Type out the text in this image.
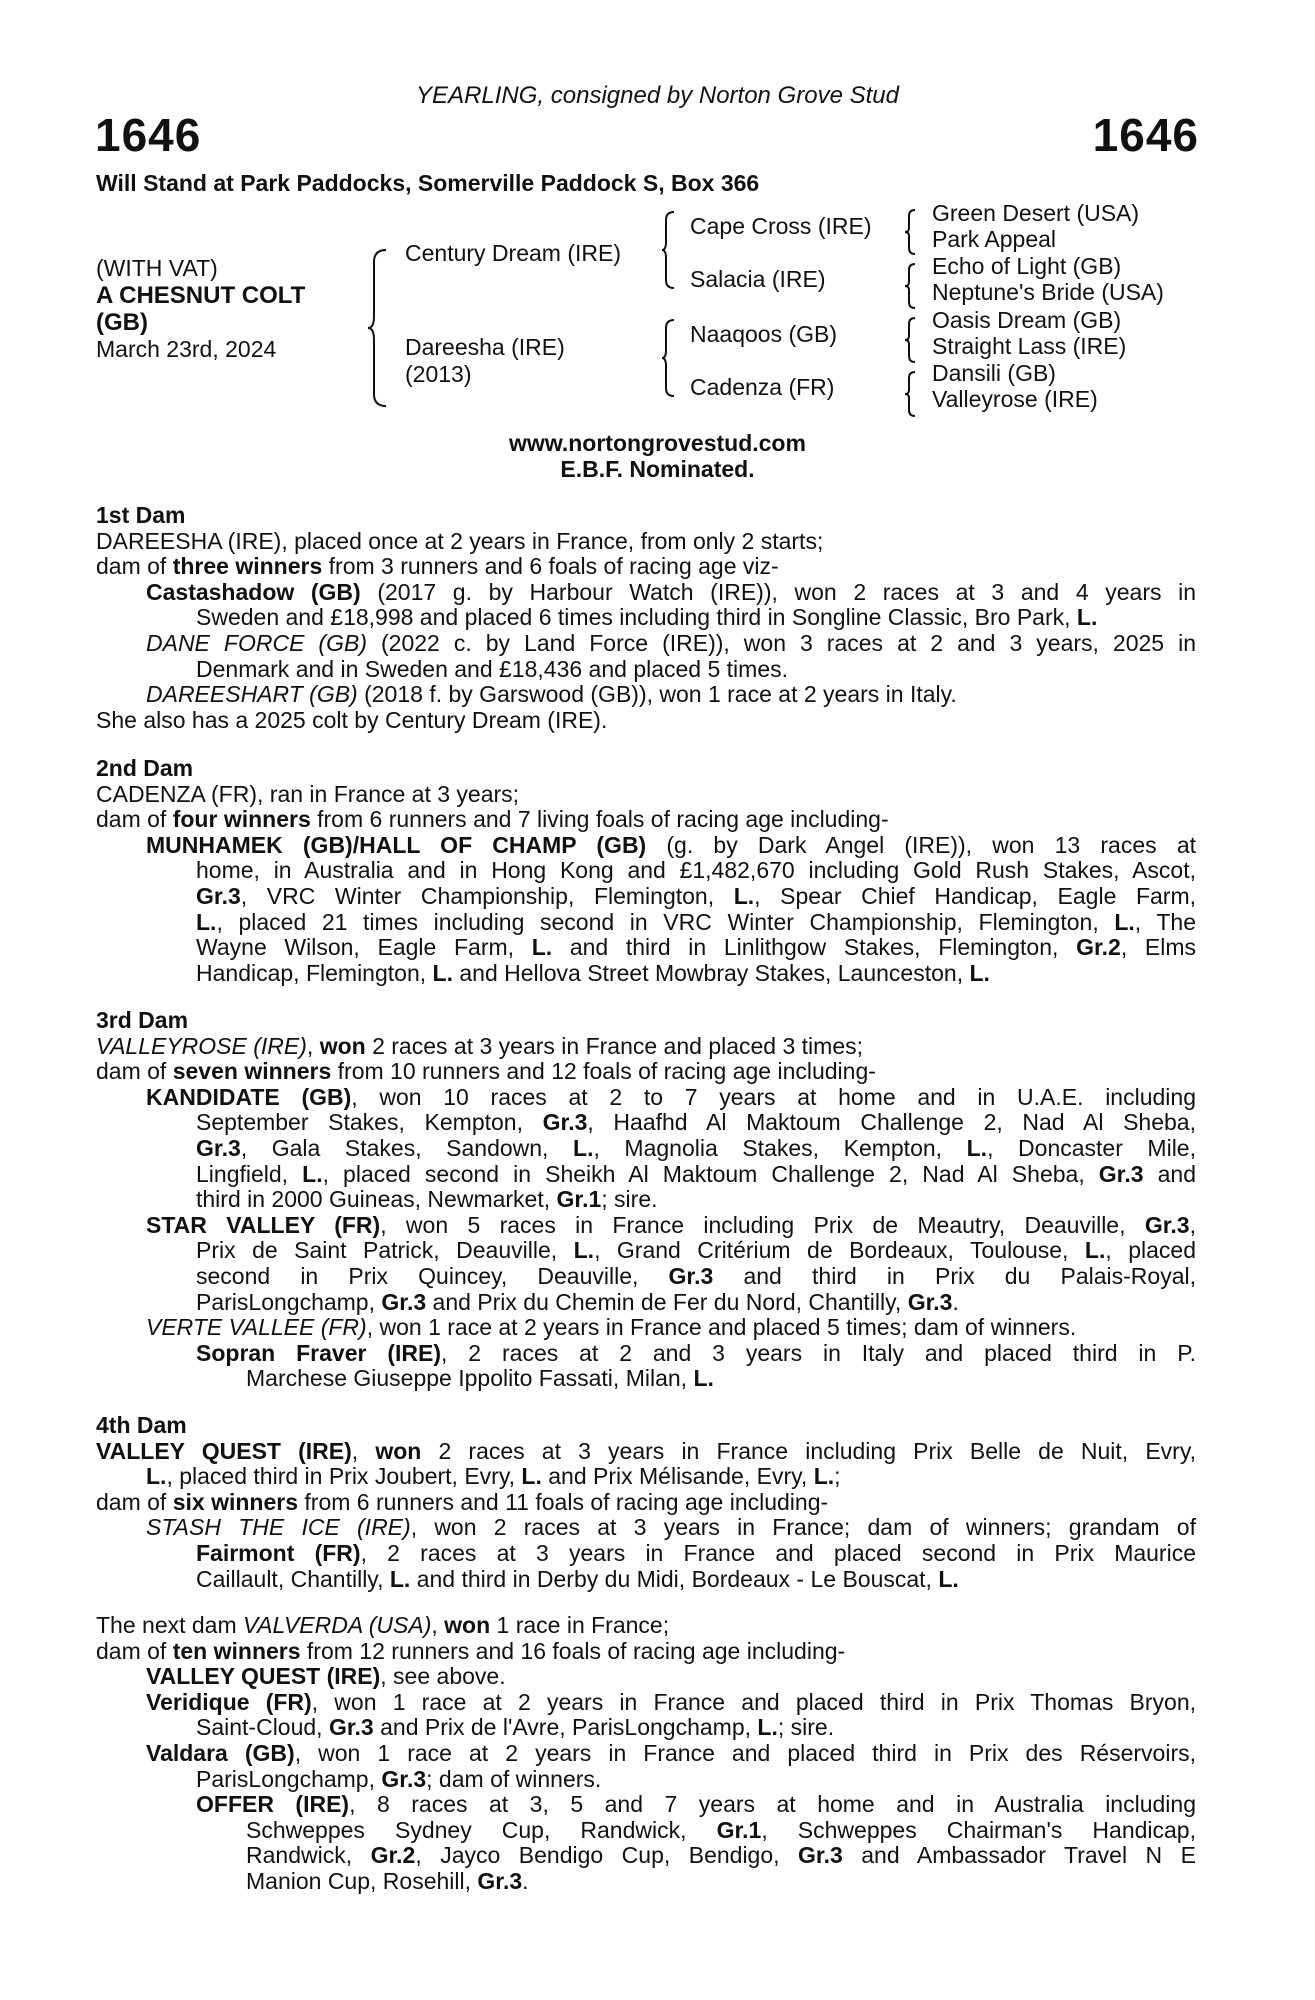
YEARLING, consigned by Norton Grove Stud
1646	1646
Will Stand at Park Paddocks, Somerville Paddock S, Box 366
(WITH VAT)
A CHESNUT COLT
(GB)
March 23rd, 2024
Century Dream (IRE)
Dareesha (IRE)
(2013)
Cape Cross (IRE)
Salacia (IRE)
Naaqoos (GB)
Cadenza (FR)
Green Desert (USA)
Park Appeal
Echo of Light (GB)
Neptune's Bride (USA)
Oasis Dream (GB)
Straight Lass (IRE)
Dansili (GB)
Valleyrose (IRE)
www.nortongrovestud.com
E.B.F. Nominated.
1st Dam
DAREESHA (IRE), placed once at 2 years in France, from only 2 starts;
dam of three winners from 3 runners and 6 foals of racing age viz-
Castashadow (GB) (2017 g. by Harbour Watch (IRE)), won 2 races at 3 and 4 years in
Sweden and £18,998 and placed 6 times including third in Songline Classic, Bro Park, L.
DANE FORCE (GB) (2022 c. by Land Force (IRE)), won 3 races at 2 and 3 years, 2025 in
Denmark and in Sweden and £18,436 and placed 5 times.
DAREESHART (GB) (2018 f. by Garswood (GB)), won 1 race at 2 years in Italy.
She also has a 2025 colt by Century Dream (IRE).
2nd Dam
CADENZA (FR), ran in France at 3 years;
dam of four winners from 6 runners and 7 living foals of racing age including-
MUNHAMEK (GB)/HALL OF CHAMP (GB) (g. by Dark Angel (IRE)), won 13 races at
home, in Australia and in Hong Kong and £1,482,670 including Gold Rush Stakes, Ascot,
Gr.3, VRC Winter Championship, Flemington, L., Spear Chief Handicap, Eagle Farm,
L., placed 21 times including second in VRC Winter Championship, Flemington, L., The
Wayne Wilson, Eagle Farm, L. and third in Linlithgow Stakes, Flemington, Gr.2, Elms
Handicap, Flemington, L. and Hellova Street Mowbray Stakes, Launceston, L.
3rd Dam
VALLEYROSE (IRE), won 2 races at 3 years in France and placed 3 times;
dam of seven winners from 10 runners and 12 foals of racing age including-
KANDIDATE (GB), won 10 races at 2 to 7 years at home and in U.A.E. including
September Stakes, Kempton, Gr.3, Haafhd Al Maktoum Challenge 2, Nad Al Sheba,
Gr.3, Gala Stakes, Sandown, L., Magnolia Stakes, Kempton, L., Doncaster Mile,
Lingfield, L., placed second in Sheikh Al Maktoum Challenge 2, Nad Al Sheba, Gr.3 and
third in 2000 Guineas, Newmarket, Gr.1; sire.
STAR VALLEY (FR), won 5 races in France including Prix de Meautry, Deauville, Gr.3,
Prix de Saint Patrick, Deauville, L., Grand Critérium de Bordeaux, Toulouse, L., placed
second in Prix Quincey, Deauville, Gr.3 and third in Prix du Palais-Royal,
ParisLongchamp, Gr.3 and Prix du Chemin de Fer du Nord, Chantilly, Gr.3.
VERTE VALLEE (FR), won 1 race at 2 years in France and placed 5 times; dam of winners.
Sopran Fraver (IRE), 2 races at 2 and 3 years in Italy and placed third in P.
Marchese Giuseppe Ippolito Fassati, Milan, L.
4th Dam
VALLEY QUEST (IRE), won 2 races at 3 years in France including Prix Belle de Nuit, Evry,
L., placed third in Prix Joubert, Evry, L. and Prix Mélisande, Evry, L.;
dam of six winners from 6 runners and 11 foals of racing age including-
STASH THE ICE (IRE), won 2 races at 3 years in France; dam of winners; grandam of
Fairmont (FR), 2 races at 3 years in France and placed second in Prix Maurice
Caillault, Chantilly, L. and third in Derby du Midi, Bordeaux - Le Bouscat, L.
The next dam VALVERDA (USA), won 1 race in France;
dam of ten winners from 12 runners and 16 foals of racing age including-
VALLEY QUEST (IRE), see above.
Veridique (FR), won 1 race at 2 years in France and placed third in Prix Thomas Bryon,
Saint-Cloud, Gr.3 and Prix de l'Avre, ParisLongchamp, L.; sire.
Valdara (GB), won 1 race at 2 years in France and placed third in Prix des Réservoirs,
ParisLongchamp, Gr.3; dam of winners.
OFFER (IRE), 8 races at 3, 5 and 7 years at home and in Australia including
Schweppes Sydney Cup, Randwick, Gr.1, Schweppes Chairman's Handicap,
Randwick, Gr.2, Jayco Bendigo Cup, Bendigo, Gr.3 and Ambassador Travel N E
Manion Cup, Rosehill, Gr.3.
